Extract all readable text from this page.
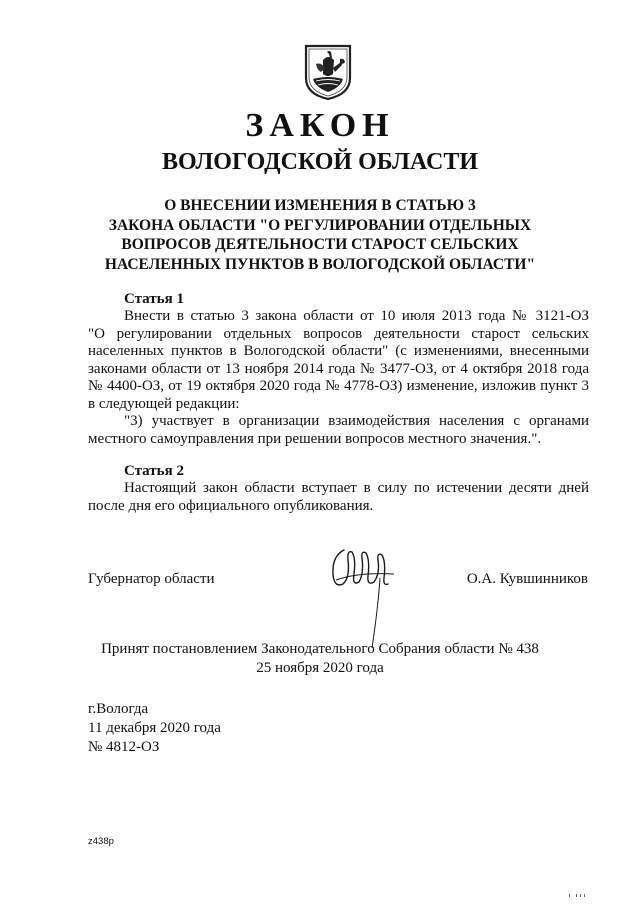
ЗАКОН
ВОЛОГОДСКОЙ ОБЛАСТИ
О ВНЕСЕНИИ ИЗМЕНЕНИЯ В СТАТЬЮ 3
ЗАКОНА ОБЛАСТИ "О РЕГУЛИРОВАНИИ ОТДЕЛЬНЫХ
ВОПРОСОВ ДЕЯТЕЛЬНОСТИ СТАРОСТ СЕЛЬСКИХ
НАСЕЛЕННЫХ ПУНКТОВ В ВОЛОГОДСКОЙ ОБЛАСТИ"
Статья 1
Внести в статью 3 закона области от 10 июля 2013 года № 3121-ОЗ
"О регулировании отдельных вопросов деятельности старост сельских
населенных пунктов в Вологодской области" (с изменениями, внесенными
законами области от 13 ноября 2014 года № 3477-ОЗ, от 4 октября 2018 года
№ 4400-ОЗ, от 19 октября 2020 года № 4778-ОЗ) изменение, изложив пункт 3
в следующей редакции:
"3) участвует в организации взаимодействия населения с органами
местного самоуправления при решении вопросов местного значения.".
Статья 2
Настоящий закон области вступает в силу по истечении десяти дней
после дня его официального опубликования.
Губернатор области	О.А. Кувшинников
Принят постановлением Законодательного Собрания области № 438
25 ноября 2020 года
г.Вологда
11 декабря 2020 года
№ 4812-ОЗ
z438p
